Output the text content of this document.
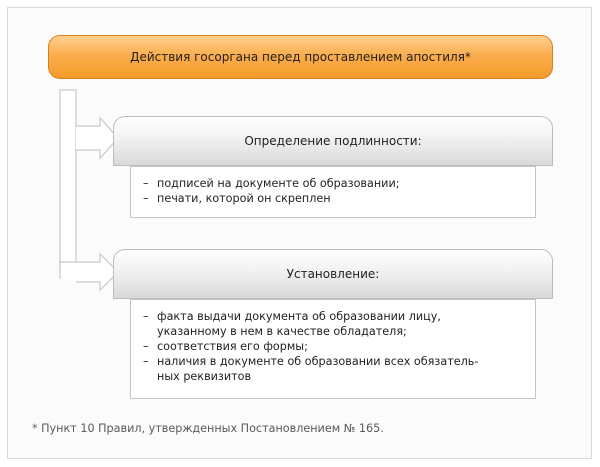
Действия госоргана перед проставлением апостиля*
Определение подлинности:
– подписей на документе об образовании;
– печати, которой он скреплен
Установление:
– факта выдачи документа об образовании лицу,
указанному в нем в качестве обладателя;
– соответствия его формы;
– наличия в документе об образовании всех обязатель-
ных реквизитов
* Пункт 10 Правил, утвержденных Постановлением № 165.
